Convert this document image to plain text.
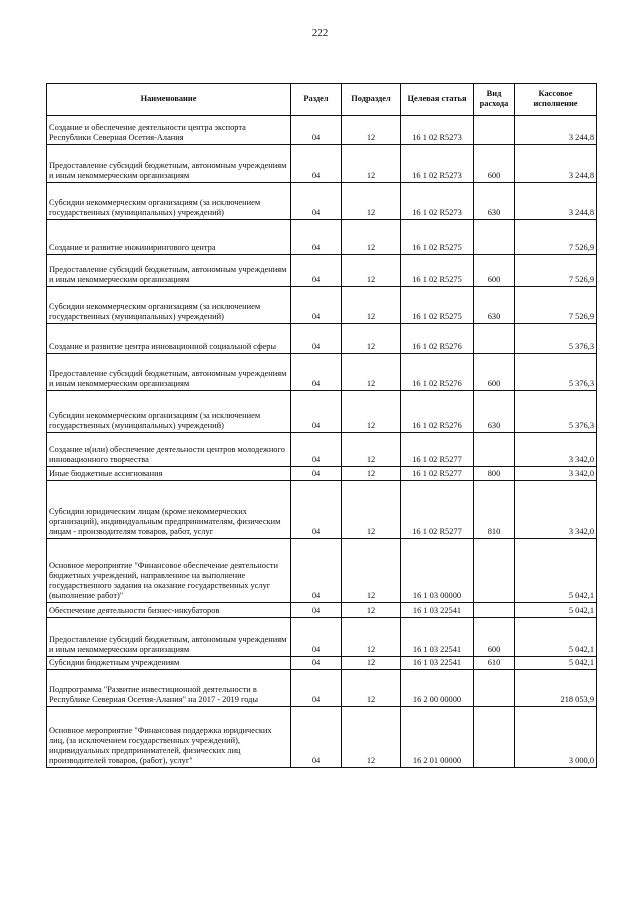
222
Наименование	Раздел	Подраздел	Целевая статья	Вид расхода	Кассовое исполнение
Создание и обеспечение деятельности центра экспорта Республики Северная Осетия-Алания	04	12	16 1 02 R5273		3 244,8
Предоставление субсидий бюджетным, автономным учреждениям и иным некоммерческим организациям	04	12	16 1 02 R5273	600	3 244,8
Субсидии некоммерческим организациям (за исключением государственных (муниципальных) учреждений)	04	12	16 1 02 R5273	630	3 244,8
Создание и развитие инжинирингового центра	04	12	16 1 02 R5275		7 526,9
Предоставление субсидий бюджетным, автономным учреждениям и иным некоммерческим организациям	04	12	16 1 02 R5275	600	7 526,9
Субсидии некоммерческим организациям (за исключением государственных (муниципальных) учреждений)	04	12	16 1 02 R5275	630	7 526,9
Создание и развитие центра инновационной социальной сферы	04	12	16 1 02 R5276		5 376,3
Предоставление субсидий бюджетным, автономным учреждениям и иным некоммерческим организациям	04	12	16 1 02 R5276	600	5 376,3
Субсидии некоммерческим организациям (за исключением государственных (муниципальных) учреждений)	04	12	16 1 02 R5276	630	5 376,3
Создание и(или) обеспечение деятельности центров молодежного инновационного творчества	04	12	16 1 02 R5277		3 342,0
Иные бюджетные ассигнования	04	12	16 1 02 R5277	800	3 342,0
Субсидии юридическим лицам (кроме некоммерческих организаций), индивидуальным предпринимателям, физическим лицам - производителям товаров, работ, услуг	04	12	16 1 02 R5277	810	3 342,0
Основное мероприятие "Финансовое обеспечение деятельности бюджетных учреждений, направленное на выполнение государственного задания на оказание государственных услуг (выполнение работ)"	04	12	16 1 03 00000		5 042,1
Обеспечение деятельности бизнес-инкубаторов	04	12	16 1 03 22541		5 042,1
Предоставление субсидий бюджетным, автономным учреждениям и иным некоммерческим организациям	04	12	16 1 03 22541	600	5 042,1
Субсидии бюджетным учреждениям	04	12	16 1 03 22541	610	5 042,1
Подпрограмма "Развитие инвестиционной деятельности в Республике Северная Осетия-Алания" на 2017 - 2019 годы	04	12	16 2 00 00000		218 053,9
Основное мероприятие "Финансовая поддержка юридических лиц, (за исключением государственных учреждений), индивидуальных предпринимателей, физических лиц производителей товаров, (работ), услуг"	04	12	16 2 01 00000		3 000,0
